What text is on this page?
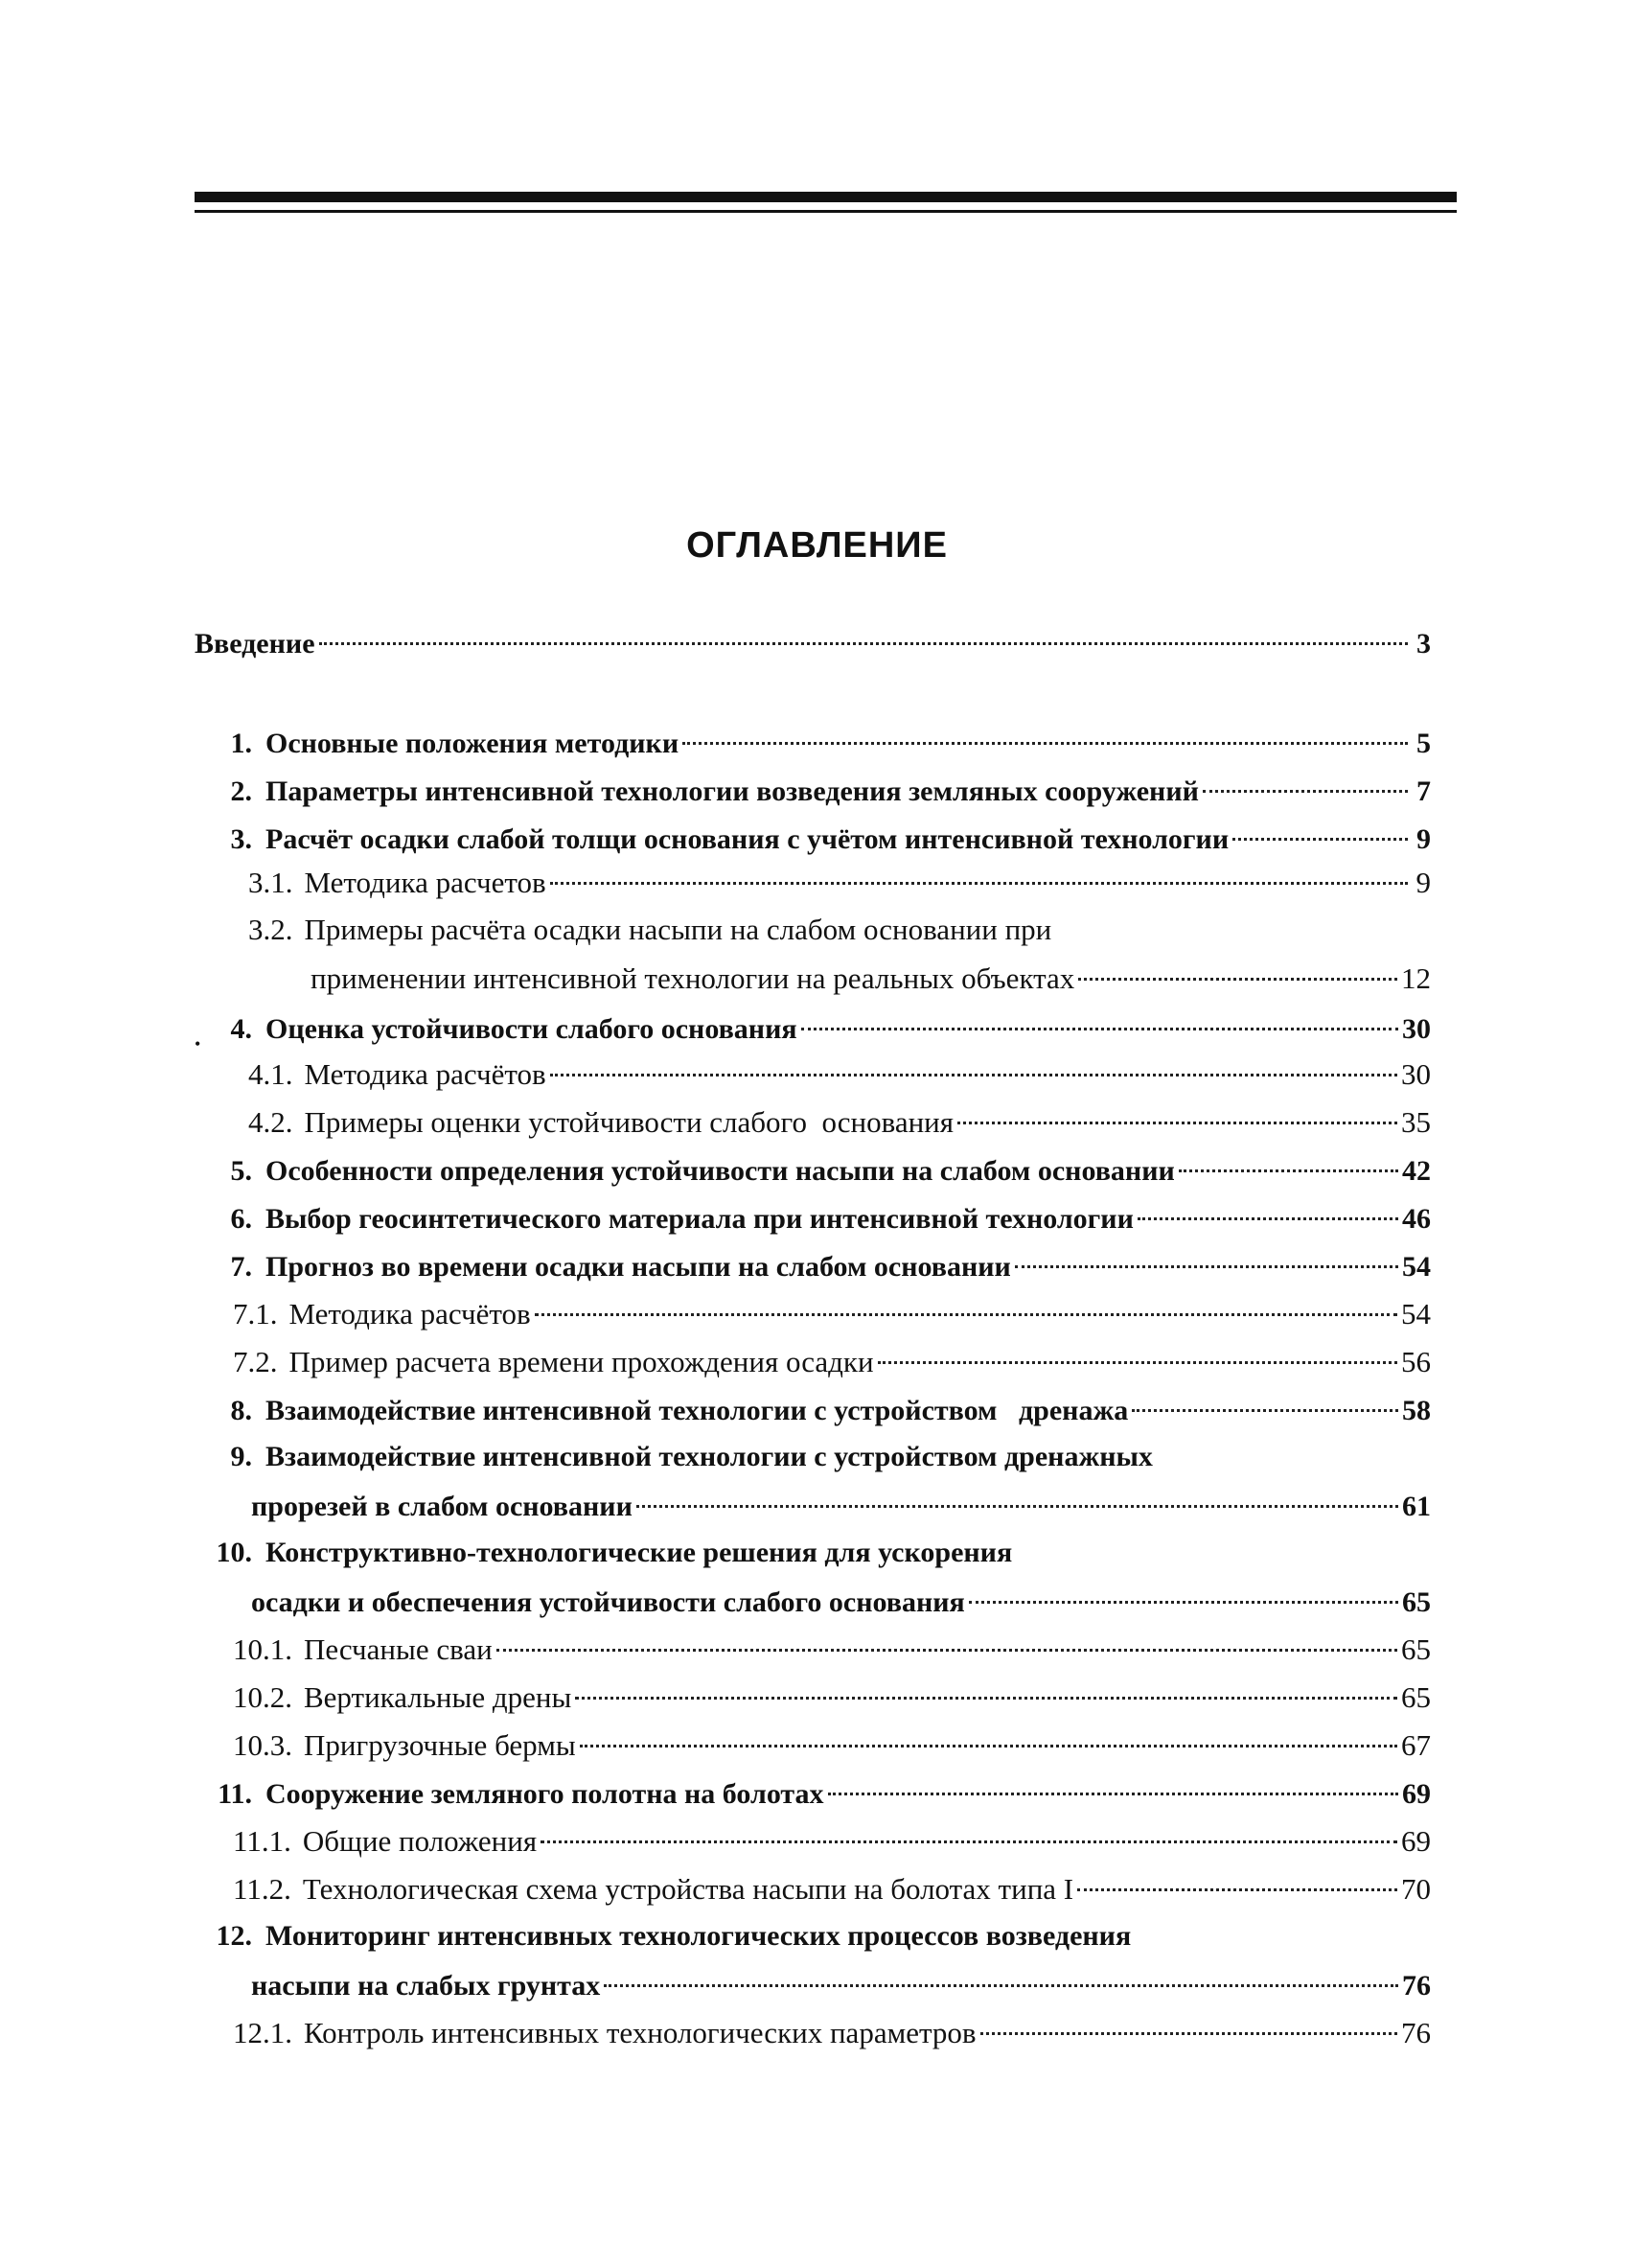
ОГЛАВЛЕНИЕ
Введение	3
1. Основные положения методики	5
2. Параметры интенсивной технологии возведения земляных сооружений	7
3. Расчёт осадки слабой толщи основания с учётом интенсивной технологии	9
3.1. Методика расчетов	9
3.2. Примеры расчёта осадки насыпи на слабом основании при
применении интенсивной технологии на реальных объектах	12
•	4. Оценка устойчивости слабого основания	30
4.1. Методика расчётов	30
4.2. Примеры оценки устойчивости слабого  основания	35
5. Особенности определения устойчивости насыпи на слабом основании	42
6. Выбор геосинтетического материала при интенсивной технологии	46
7. Прогноз во времени осадки насыпи на слабом основании	54
7.1. Методика расчётов	54
7.2. Пример расчета времени прохождения осадки	56
8. Взаимодействие интенсивной технологии с устройством   дренажа	58
9. Взаимодействие интенсивной технологии с устройством дренажных
прорезей в слабом основании	61
10. Конструктивно-технологические решения для ускорения
осадки и обеспечения устойчивости слабого основания	65
10.1. Песчаные сваи	65
10.2. Вертикальные дрены	65
10.3. Пригрузочные бермы	67
11. Сооружение земляного полотна на болотах	69
11.1. Общие положения	69
11.2. Технологическая схема устройства насыпи на болотах типа I	70
12. Мониторинг интенсивных технологических процессов возведения
насыпи на слабых грунтах	76
12.1. Контроль интенсивных технологических параметров	76
